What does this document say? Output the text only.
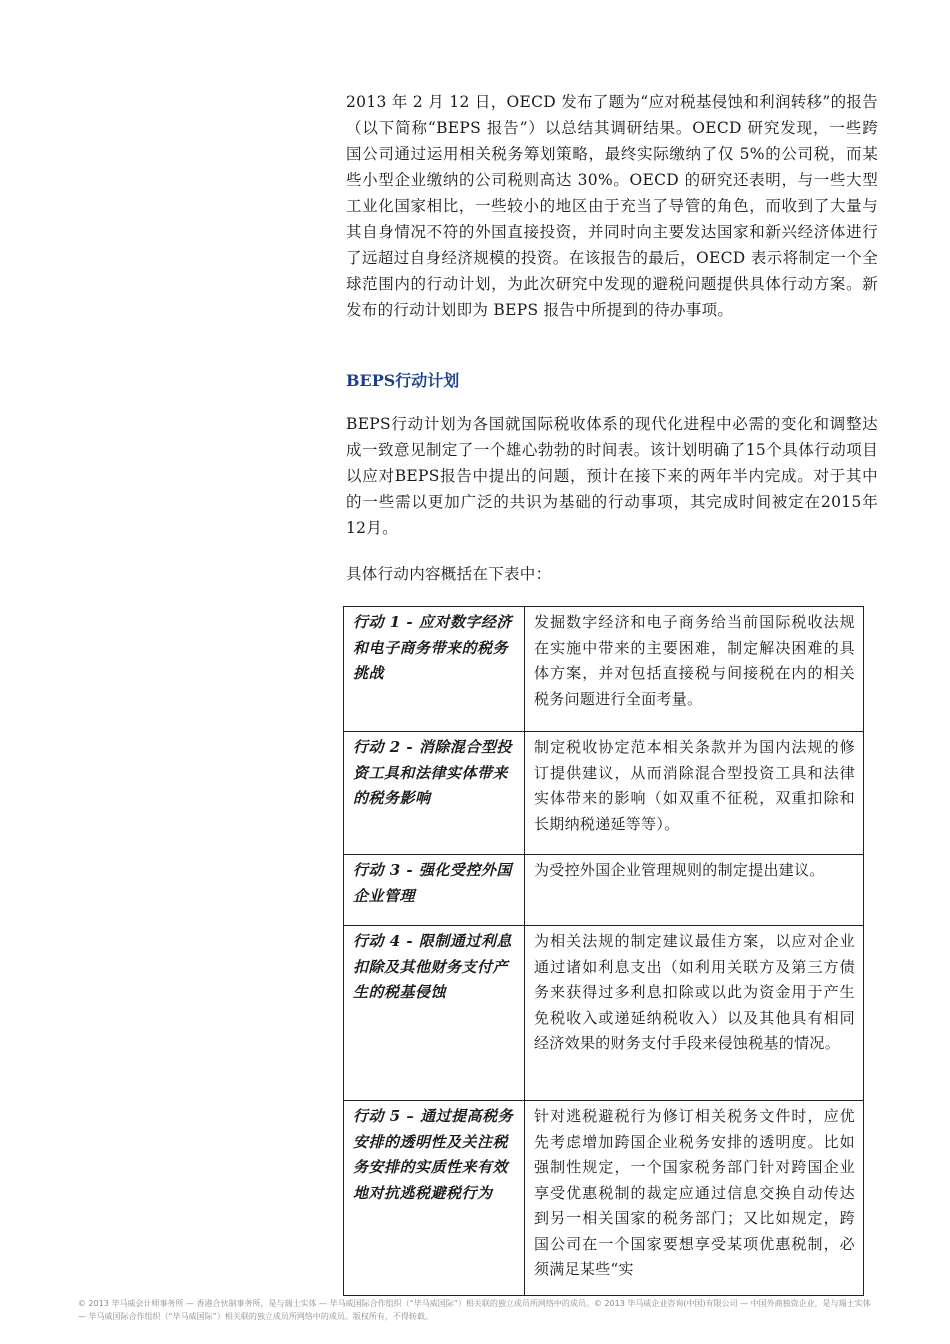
2013 年 2 月 12 日，OECD 发布了题为“应对税基侵蚀和利润转移”的报告（以下简称“BEPS 报告”）以总结其调研结果。OECD 研究发现，一些跨国公司通过运用相关税务筹划策略，最终实际缴纳了仅 5%的公司税，而某些小型企业缴纳的公司税则高达 30%。OECD 的研究还表明，与一些大型工业化国家相比，一些较小的地区由于充当了导管的角色，而收到了大量与其自身情况不符的外国直接投资，并同时向主要发达国家和新兴经济体进行了远超过自身经济规模的投资。在该报告的最后，OECD 表示将制定一个全球范围内的行动计划，为此次研究中发现的避税问题提供具体行动方案。新发布的行动计划即为 BEPS 报告中所提到的待办事项。

BEPS行动计划

BEPS行动计划为各国就国际税收体系的现代化进程中必需的变化和调整达成一致意见制定了一个雄心勃勃的时间表。该计划明确了15个具体行动项目以应对BEPS报告中提出的问题，预计在接下来的两年半内完成。对于其中的一些需以更加广泛的共识为基础的行动事项，其完成时间被定在2015年12月。

具体行动内容概括在下表中：

行动 1 - 应对数字经济和电子商务带来的税务挑战	发掘数字经济和电子商务给当前国际税收法规在实施中带来的主要困难，制定解决困难的具体方案，并对包括直接税与间接税在内的相关税务问题进行全面考量。
行动 2 - 消除混合型投资工具和法律实体带来的税务影响	制定税收协定范本相关条款并为国内法规的修订提供建议，从而消除混合型投资工具和法律实体带来的影响（如双重不征税，双重扣除和长期纳税递延等等）。
行动 3 - 强化受控外国企业管理	为受控外国企业管理规则的制定提出建议。
行动 4 - 限制通过利息扣除及其他财务支付产生的税基侵蚀	为相关法规的制定建议最佳方案，以应对企业通过诸如利息支出（如利用关联方及第三方债务来获得过多利息扣除或以此为资金用于产生免税收入或递延纳税收入）以及其他具有相同经济效果的财务支付手段来侵蚀税基的情况。
行动 5 – 通过提高税务安排的透明性及关注税务安排的实质性来有效地对抗逃税避税行为	针对逃税避税行为修订相关税务文件时，应优先考虑增加跨国企业税务安排的透明度。比如强制性规定，一个国家税务部门针对跨国企业享受优惠税制的裁定应通过信息交换自动传达到另一相关国家的税务部门；又比如规定，跨国公司在一个国家要想享受某项优惠税制，必须满足某些“实

© 2013 毕马威会计师事务所 — 香港合伙制事务所，是与瑞士实体 — 毕马威国际合作组织（“毕马威国际”）相关联的独立成员所网络中的成员。© 2013 毕马威企业咨询(中国)有限公司 — 中国外商独资企业，是与瑞士实体 — 毕马威国际合作组织（“毕马威国际”）相关联的独立成员所网络中的成员。版权所有，不得转载。
